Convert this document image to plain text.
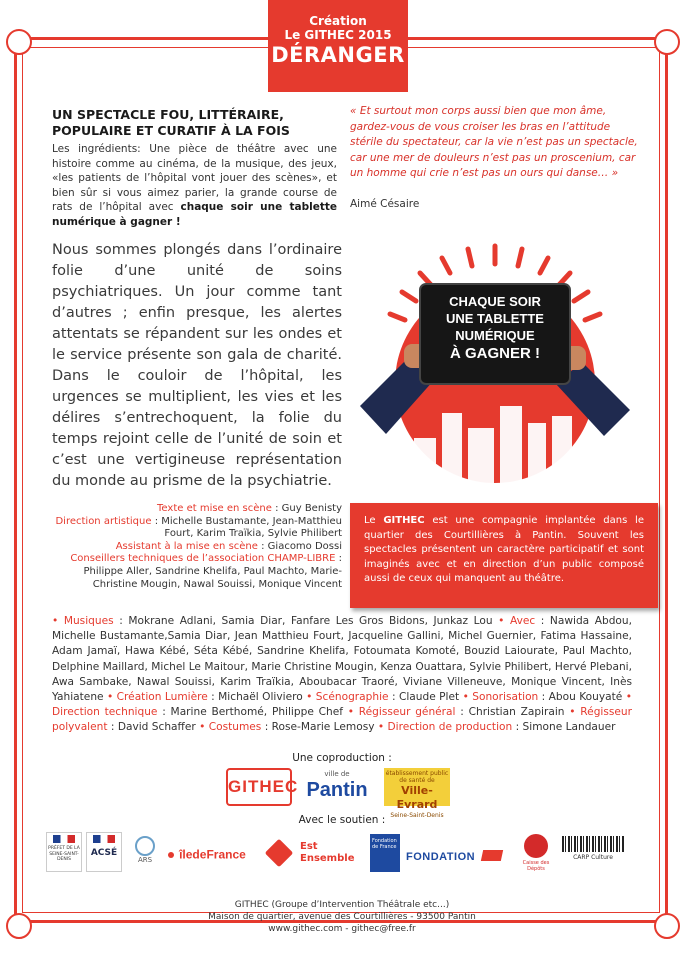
Création
Le GITHEC 2015
DÉRANGER
UN SPECTACLE FOU, LITTÉRAIRE, POPULAIRE ET CURATIF À LA FOIS
Les ingrédients: Une pièce de théâtre avec une histoire comme au cinéma, de la musique, des jeux, «les patients de l’hôpital vont jouer des scènes», et bien sûr si vous aimez parier, la grande course de rats de l’hôpital avec chaque soir une tablette numérique à gagner !
Nous sommes plongés dans l’ordinaire folie d’une unité de soins psychiatriques. Un jour comme tant d’autres ; enfin presque, les alertes attentats se répandent sur les ondes et le service présente son gala de charité. Dans le couloir de l’hôpital, les urgences se multiplient, les vies et les délires s’entrechoquent, la folie du temps rejoint celle de l’unité de soin et c’est une vertigineuse représentation du monde au prisme de la psychiatrie.
« Et surtout mon corps aussi bien que mon âme, gardez-vous de vous croiser les bras en l’attitude stérile du spectateur, car la vie n’est pas un spectacle, car une mer de douleurs n’est pas un proscenium, car un homme qui crie n’est pas un ours qui danse… »
Aimé Césaire
CHAQUE SOIR
UNE TABLETTE
NUMÉRIQUE
À GAGNER !
Texte et mise en scène : Guy Benisty
Direction artistique : Michelle Bustamante, Jean-Matthieu Fourt, Karim Traïkia, Sylvie Philibert
Assistant à la mise en scène : Giacomo Dossi
Conseillers techniques de l’association CHAMP-LIBRE : Philippe Aller, Sandrine Khelifa, Paul Machto, Marie-Christine Mougin, Nawal Souissi, Monique Vincent
Le GITHEC est une compagnie implantée dans le quartier des Courtillières à Pantin. Souvent les spectacles présentent un caractère participatif et sont imaginés avec et en direction d’un public composé aussi de ceux qui manquent au théâtre.
• Musiques : Mokrane Adlani, Samia Diar, Fanfare Les Gros Bidons, Junkaz Lou • Avec : Nawida Abdou, Michelle Bustamante,Samia Diar, Jean Matthieu Fourt, Jacqueline Gallini, Michel Guernier, Fatima Hassaine, Adam Jamaï, Hawa Kébé, Séta Kébé, Sandrine Khelifa, Fotoumata Komoté, Bouzid Laiourate, Paul Machto, Delphine Maillard, Michel Le Maitour, Marie Christine Mougin, Kenza Ouattara, Sylvie Philibert, Hervé Plebani, Awa Sambake, Nawal Souissi, Karim Traïkia, Aboubacar Traoré, Viviane Villeneuve, Monique Vincent, Inès Yahiatene • Création Lumière : Michaël Oliviero • Scénographie : Claude Plet • Sonorisation : Abou Kouyaté • Direction technique : Marine Berthomé, Philippe Chef • Régisseur général : Christian Zapirain • Régisseur polyvalent : David Schaffer • Costumes : Rose-Marie Lemosy • Direction de production : Simone Landauer
Une coproduction :
GITHEC
ville de
Pantin
établissement public de santé de
Ville-Evrard
Seine-Saint-Denis
Avec le soutien :
PRÉFET DE LA SEINE-SAINT-DENIS
ACSÉ
ARS	îledeFrance
Est Ensemble
Fondation de France
FONDATION	Caisse des Dépôts
CARP Culture
GITHEC (Groupe d’Intervention Théâtrale etc...)
Maison de quartier, avenue des Courtillières - 93500 Pantin
www.githec.com - githec@free.fr
